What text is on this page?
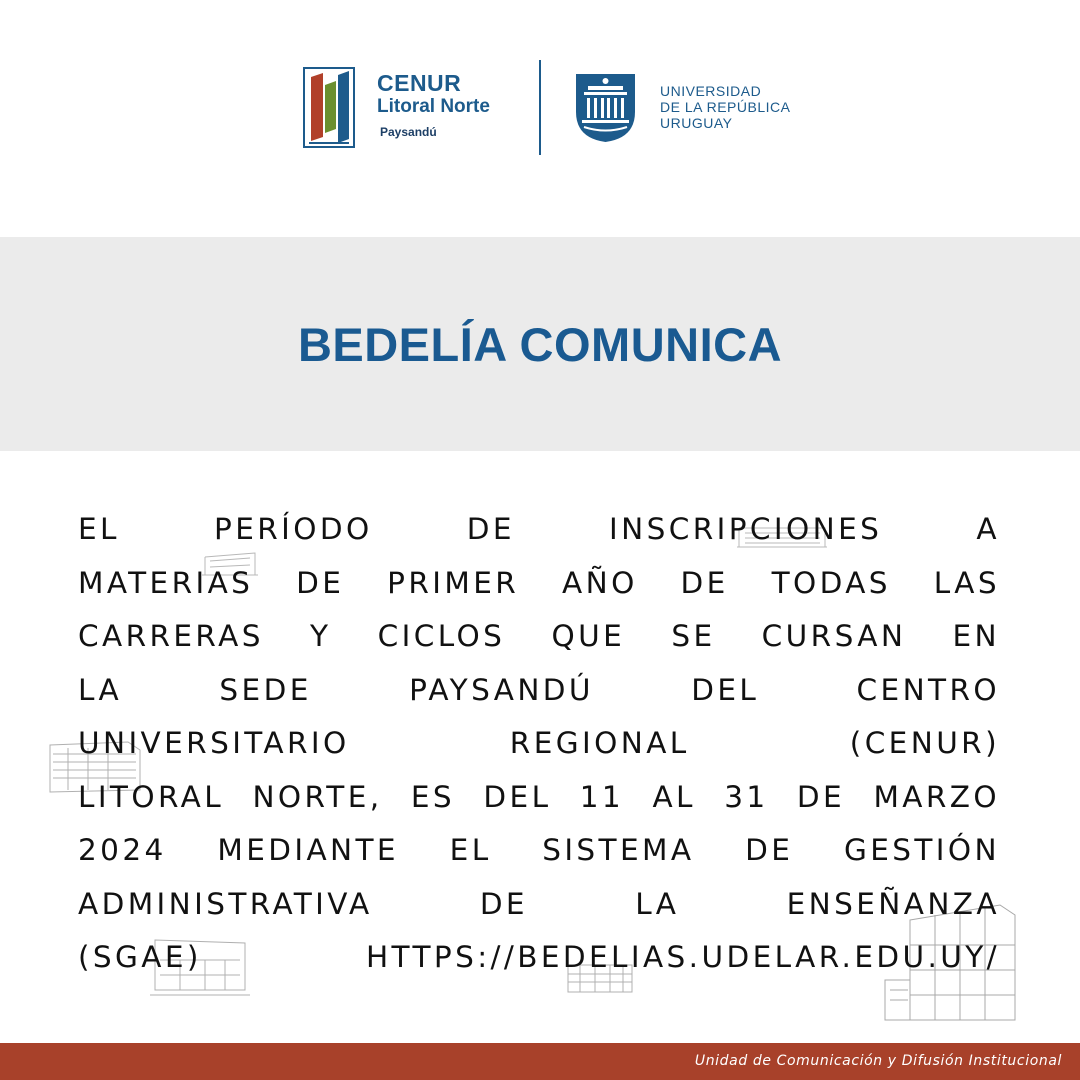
CENUR
Litoral Norte
Paysandú
UNIVERSIDAD
DE LA REPÚBLICA
URUGUAY
BEDELÍA COMUNICA
EL PERÍODO DE INSCRIPCIONES A
MATERIAS DE PRIMER AÑO DE TODAS LAS
CARRERAS Y CICLOS QUE SE CURSAN EN
LA SEDE PAYSANDÚ DEL CENTRO
UNIVERSITARIO REGIONAL (CENUR)
LITORAL NORTE, ES DEL 11 AL 31 DE MARZO
2024 MEDIANTE EL SISTEMA DE GESTIÓN
ADMINISTRATIVA DE LA ENSEÑANZA
(SGAE) HTTPS://BEDELIAS.UDELAR.EDU.UY/
Unidad de Comunicación y Difusión Institucional
